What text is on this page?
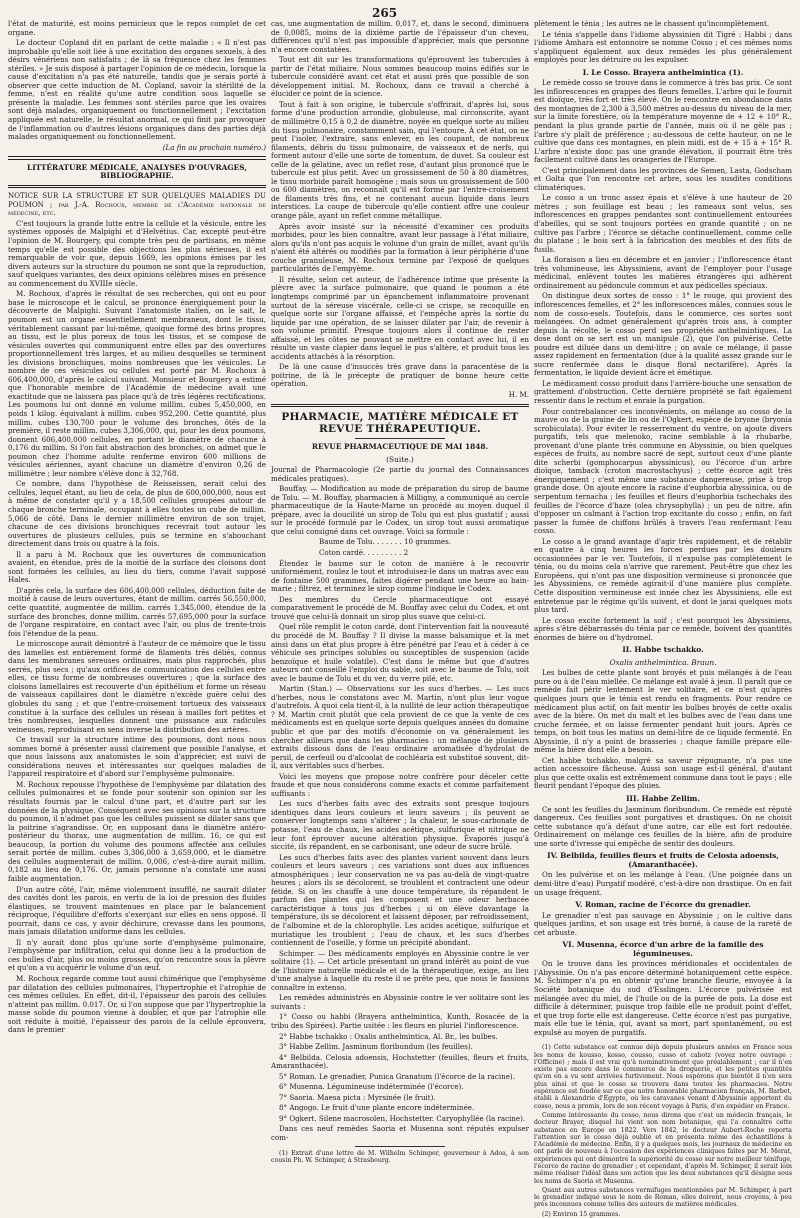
265

l'état de maturité, est moins pernicieux que le repos complet de cet organe.

Le docteur Copland dit en parlant de cette maladie : « Il n'est pas improbable qu'elle soit liée à une excitation des organes sexuels, à des désirs vénériens non satisfaits ; de là sa fréquence chez les femmes stériles. » Je suis disposé à partager l'opinion de ce médecin, lorsque la cause d'excitation n'a pas été naturelle, tandis que je serais porté à observer que cette induction de M. Copland, savoir la stérilité de la femme, n'est en réalité qu'une autre condition sous laquelle se présente la maladie. Les femmes sont stériles parce que les ovaires sont déjà malades, organiquement ou fonctionnellement ; l'excitation appliquée est naturelle, le résultat anormal, ce qui finit par provoquer de l'inflammation ou d'autres lésions organiques dans des parties déjà malades organiquement ou fonctionnellement.

(La fin au prochain numéro.)

LITTÉRATURE MÉDICALE, ANALYSES D'OUVRAGES, BIBLIOGRAPHIE.

NOTICE SUR LA STRUCTURE ET SUR QUELQUES MALADIES DU POUMON ; par J.-A. Rochoux, membre de l'Académie nationale de médecine, etc.

C'est toujours la grande lutte entre la cellule et la vésicule, entre les systèmes opposés de Malpighi et d'Helvétius. Car, excepté peut-être l'opinion de M. Bourgery, qui compte très peu de partisans, en même temps qu'elle est possible des objections les plus sérieuses, il est remarquable de voir que, depuis 1669, les opinions émises par les divers auteurs sur la structure du poumon ne sont que la reproduction, sauf quelques variantes, des deux opinions célèbres mises en présence au commencement du XVIIIe siècle.

M. Rochoux, d'après le résultat de ses recherches, qui ont eu pour base le microscope et le calcul, se prononce énergiquement pour la découverte de Malpighi. Suivant l'anatomiste italien, on le sait, le poumon est un organe essentiellement membraneux, dont le tissu, véritablement cassant par lui-même, quoique formé des brins propres au tissu, est le plus poreux de tous les tissus, et se compose de vésicules ouvertes qui communiquent entre elles par des ouvertures proportionnellement très larges, et au milieu desquelles se terminent les divisions bronchiques, moins nombreuses que les vésicules. Le nombre de ces vésicules ou cellules est porté par M. Rochoux à 606,400,000, d'après le calcul suivant. Monsieur et Bourgery a estimé que l'honorable membre de l'Académie de médecine avait une exactitude que ne laissera pas place qu'à de très légères rectifications. Les poumons lui ont donné en volume millim. cubes 5,450,000, en poids 1 kilog. équivalant à millim. cubes 952,200. Cette quantité, plus millim. cubes 130,700 pour le volume des bronches, ôtés de la première, il reste millim. cubes 3,306,000, qui, pour les deux poumons, donnent 606,400,000 cellules, en portant le diamètre de chacune à 0,176 du millim. Si l'on fait abstraction des bronches, on admet que le poumon chez l'homme adulte renferme environ 600 millions de vésicules aériennes, ayant chacune un diamètre d'environ 0,26 de millimètre ; leur nombre s'élève donc à 32,768.

Ce nombre, dans l'hypothèse de Reisseissen, serait celui des cellules, lequel étant, au lieu de cela, de plus de 600,000,000, nous est à même de constater qu'il y a 18,500 cellules groupées autour de chaque bronche terminale, occupant à elles toutes un cube de millim. 5,066 de côté. Dans le dernier millimètre environ de son trajet, chacune de ces divisions bronchiques recevrait tout autour les ouvertures de plusieurs cellules, puis se termine en s'abouchant directement dans trois ou quatre à la fois.

Il a paru à M. Rochoux que les ouvertures de communication avaient, en étendue, près de la moitié de la surface des cloisons dont sont formées les cellules, au lieu du tiers, comme l'avait supposé Hales.

D'après cela, la surface des 606,400,000 cellules, déduction faite de moitié à cause de leurs ouvertures, étant de millim. carrés 56,550,000, cette quantité, augmentée de millim. carrés 1,345,000, étendue de la surface des bronches, donne millim. carrés 57,695,000 pour la surface de l'organe respiratoire, en contact avec l'air, ou plus de trente-trois fois l'étendue de la peau.

Le microscope aurait démontré à l'auteur de ce mémoire que le tissu des lamelles est entièrement formé de filaments très déliés, connus dans les membranes séreuses ordinaires, mais plus rapprochés, plus serrés, plus secs ; qu'aux orifices de communication des cellules entre elles, ce tissu forme de nombreuses ouvertures ; que la surface des cloisons lamellaires est recouverte d'un épithélium et forme un réseau de vaisseaux capillaires dont le diamètre n'excède guère celui des globules du sang ; et que l'entre-croisement tortueux des vaisseaux constitue à la surface des cellules un réseau à mailles fort petites et très nombreuses, lesquelles donnent une puissance aux radicules veineuses, reproduisant en sens inverse la distribution des artères.

Ce travail sur la structure intime des poumons, dont nous nous sommes borné à présenter aussi clairement que possible l'analyse, et que nous laissons aux anatomistes le soin d'apprécier, est suivi de considérations neuves et intéressantes sur quelques maladies de l'appareil respiratoire et d'abord sur l'emphysème pulmonaire.

M. Rochoux repousse l'hypothèse de l'emphysème par dilatation des cellules pulmonaires et se fonde pour soutenir son opinion sur les résultats fournis par le calcul d'une part, et d'autre part sur les données de la physique. Conséquent avec ses opinions sur la structure du poumon, il n'admet pas que les cellules puissent se dilater sans que la poitrine s'agrandisse. Or, en supposant dans le diamètre antéro-postérieur du thorax, une augmentation de millim. 16, ce qui est beaucoup, la portion du volume des poumons affectée aux cellules serait portée de millim. cubes 3,306,000 à 3,659,000, et le diamètre des cellules augmenterait de millim. 0,006, c'est-à-dire aurait millim. 0,182 au lieu de 0,176. Or, jamais personne n'a constaté une aussi faible augmentation.

D'un autre côté, l'air, même violemment insufflé, ne saurait dilater des cavités dont les parois, en vertu de la loi de pression des fluides élastiques, se trouvent maintenues en place par le balancement réciproque, l'équilibre d'efforts s'exerçant sur elles en sens opposé. Il pourrait, dans ce cas, y avoir déchirure, crevasse dans les poumons, mais jamais dilatation uniforme dans les cellules.

Il n'y aurait donc plus qu'une sorte d'emphysème pulmonaire, l'emphysème par infiltration, celui qui donne lieu à la production de ces bulles d'air, plus ou moins grosses, qu'on rencontre sous la plèvre et qu'on a vu acquérir le volume d'un œuf.

M. Rochoux regarde comme tout aussi chimérique que l'emphysème par dilatation des cellules pulmonaires, l'hypertrophie et l'atrophie de ces mêmes cellules. En effet, dit-il, l'épaisseur des parois des cellules n'atteint pas millim. 0.017. Or, si l'on suppose que par l'hypertrophie la masse solide du poumon vienne à doubler, et que par l'atrophie elle soit réduite à moitié, l'épaisseur des parois de la cellule éprouvera, dans le premier

cas, une augmentation de millim. 0,017, et, dans le second, diminuera de 0,0085, moins de la dixième partie de l'épaisseur d'un cheveu, différences qu'il n'est pas impossible d'apprécier, mais que personne n'a encore constatées.

Tout est dit sur les transformations qu'éprouvent les tubercules à partir de l'état miliaire. Nous sommes beaucoup moins édifiés sur le tubercule considéré avant cet état et aussi près que possible de son développement initial. M. Rochoux, dans ce travail a cherché à élucider ce point de la science.

Tout à fait à son origine, le tubercule s'offrirait, d'après lui, sous forme d'une production arrondie, globuleuse, mal circonscrite, ayant de millimètre 0,15 à 0,2 de diamètre, noyée en quelque sorte au milieu du tissu pulmonaire, constamment sain, qui l'entoure. À cet état, on ne peut l'isoler, l'extraire, sans enlever, en les coupant, de nombreux filaments, débris du tissu pulmonaire, de vaisseaux et de nerfs, qui forment autour d'elle une sorte de tomentum, de duvet. Sa couleur est celle de la gélatine, avec un reflet rose, d'autant plus prononcé que le tubercule est plus petit. Avec un grossissement de 50 à 80 diamètres, le tissu morbide paraît homogène ; mais sous un grossissement de 500 ou 600 diamètres, on reconnaît qu'il est formé par l'entre-croisement de filaments très fins, et ne contenant aucun liquide dans leurs interstices. La coupe de tubercule qu'elle contient offre une couleur orange pâle, ayant un reflet comme métallique.

Après avoir insisté sur la nécessité d'examiner ces produits morbides, pour les bien connaître, avant leur passage à l'état miliaire, alors qu'ils n'ont pas acquis le volume d'un grain de millet, avant qu'ils n'aient été altérés ou modifiés par la formation à leur périphérie d'une couche granuleuse, M. Rochoux termine par l'exposé de quelques particularités de l'empyème.

Il résulte, selon cet auteur, de l'adhérence intime que présente la plèvre avec la surface pulmonaire, que quand le poumon a été longtemps comprimé par un épanchement inflammatoire provenant surtout de la séreuse viscérale, celle-ci se crispe, se recoquille en quelque sorte sur l'organe affaissé, et l'empêche après la sortie du liquide par une opération, de se laisser dilater par l'air, de revenir à son volume primitif. Presque toujours alors il continue de rester affaissé, et les côtes ne pouvant se mettre en contact avec lui, il en résulte un vaste clapier dans lequel le pus s'altère, et produit tous les accidents attachés à la résorption.

De là une cause d'insuccès très grave dans la paracentèse de la poitrine, de là le précepte de pratiquer de bonne heure cette opération.

H. M.

PHARMACIE, MATIÈRE MÉDICALE ET REVUE THÉRAPEUTIQUE.

REVUE PHARMACEUTIQUE DE MAI 1848.

(Suite.)

Journal de Pharmacologie (2e partie du journal des Connaissances médicales pratiques).

Bouffay. — Modification au mode de préparation du sirop de baume de Tolu. — M. Bouffay, pharmacien à Milligny, a communiqué au cercle pharmaceutique de la Haute-Marne un procédé au moyen duquel il prépare, avec la doucilité un sirop de Tolu qui est plus gustatif ; aussi sur le procédé formulé par le Codex, un sirop tout aussi aromatique que celui consigné dans cet ouvrage. Voici sa formule :

Baume de Tolu. . . . . . . 10 grammes.

Coton cardé. . . . . . . . . 2

Étendez le baume sur le coton de manière à le recouvrir uniformément, roulez le tout et introduisez-le dans un matras avec eau de fontaine 500 grammes, faites digérer pendant une heure au bain-marie ; filtrez, et terminez le sirop comme l'indique le Codex.

Des membres du Cercle pharmaceutique ont essayé comparativement le procédé de M. Bouffay avec celui du Codex, et ont trouvé que celui-là donnait un sirop plus suave que celui-ci.

Quel rôle remplit le coton cardé, dont l'intervention fait la nouveauté du procédé de M. Bouffay ? Il divise la masse balsamique et la met ainsi dans un état plus propre à être pénétré par l'eau et à céder à ce véhicule ses principes solubles ou susceptibles de suspension (acide benzoïque et huile volatile). C'est dans le même but que d'autres auteurs ont conseillé l'emploi du sable, soit avec le baume de Tolu, soit avec le baume de Tolu et du ver, du verre pilé, etc.

Martin (Stan.) — Observations sur les sucs d'herbes. — Les sucs d'herbes, nous le constatons avec M. Martin, n'ont plus leur vogue d'autrefois. À quoi cela tient-il, à la nullité de leur action thérapeutique ? M. Martin croit plutôt que cela provient de ce que la vente de ces médicaments est en quelque sorte depuis quelques années du domaine public et que par des motifs d'économie on va généralement les chercher ailleurs que dans les pharmacies : un mélange de plusieurs extraits dissous dans de l'eau ordinaire aromatisée d'hydrolat de persil, de cerfeuil ou d'alcoolat de cochléaria est substitué souvent, dit-il, aux véritables sucs d'herbes.

Voici les moyens que propose notre confrère pour déceler cette fraude et que nous considérons comme exacts et comme parfaitement suffisants :

Les sucs d'herbes faits avec des extraits sont presque toujours identiques dans leurs couleurs et leurs saveurs ; ils peuvent se conserver longtemps sans s'altérer ; la chaleur, le sous-carbonate de potasse, l'eau de chaux, les acides acétique, sulfurique et nitrique ne leur font éprouver aucune altération physique. Évaporés jusqu'à siccité, ils répandent, en se carbonisant, une odeur de sucre brûlé.

Les sucs d'herbes faits avec des plantes varient souvent dans leurs couleurs et leurs saveurs ; ces variations sont dues aux influences atmosphériques ; leur conservation ne va pas au-delà de vingt-quatre heures ; alors ils se décolorent, se troublent et contractent une odeur fétide. Si on les chauffe à une douce température, ils répandent le parfum des plantes qui les composent et une odeur herbacée caractéristique à tous jus d'herbes ; si on élève davantage la température, ils se décolorent et laissent déposer, par refroidissement, de l'albumine et de la chlorophylle. Les acides acétique, sulfurique et muriatique les troublent ; l'eau de chaux, et les sucs d'herbes contiennent de l'oseille, y forme un précipité abondant.

Schimper. — Des médicaments employés en Abyssinie contre le ver solitaire (1). — Cet article présentant un grand intérêt au point de vue de l'histoire naturelle médicale et de la thérapeutique, exige, au lieu d'une analyse à laquelle du reste il se prête peu, que nous le fassions connaître in extenso.

Les remèdes administrés en Abyssinie contre le ver solitaire sont les suivants :

1° Cosso ou habbi (Brayera anthelmintica, Kunth, Rosacée de la tribu des Spirées). Partie usitée : les fleurs en pluriel l'inflorescence.

2° Habbe tschakko : Oxalis anthelmintica, Al. Br., les bulbes.

3° Habbe Zellim. Jasminum floribundum (les feuilles).

4° Belbilda. Celosia adoensis, Hochstetter (feuilles, fleurs et fruits, Amaranthacée).

5° Roman. Le grenadier, Punica Granatum (l'écorce de la racine).

6° Musenna. Légumineuse indéterminée (l'écorce).

7° Saoria. Maesa picta : Myrsinée (le fruit).

8° Angogo. Le fruit d'une plante encore indéterminée.

9° Ogkert. Silene macrosolen, Hochstetter. Caryophyllée (la racine).

Dans ces neuf remèdes Saoria et Musenna sont réputés expulser com-

(1) Extrait d'une lettre de M. Wilhelm Schimper, gouverneur à Adoa, à son cousin Ph. W. Schimper, à Strasbourg.

plètement le ténia ; les autres ne le chassent qu'incomplètement.

Le ténia s'appelle dans l'idiome abyssinien dit Tigré : Habbi ; dans l'idiome Amhara est entonnoire se nomme Cosso ; et ces mêmes noms s'appliquent également aux deux remèdes les plus généralement employés pour les détruire ou les expulser.

I. Le Cosso. Brayera anthelmintica (1).

Le remède cosso se trouve dans le commerce à très bas prix. Ce sont les inflorescences en grappes des fleurs femelles. L'arbre qui le fournit est dioïque, très fort et très élevé. On le rencontre en abondance dans des montagnes de 2,300 à 3,500 mètres au-dessus du niveau de la mer, sur la limite forestière, où la température moyenne de + 12 + 10° R., pendant la plus grande partie de l'année, mais où il ne gèle pas ; l'arbre s'y plaît de préférence ; au-dessous de cette hauteur, on ne le cultive que dans ces montagnes, en plein midi, est de + 15 à + 15° R. L'arbre n'existe donc pas une grande élévation, il pourrait être très facilement cultivé dans les orangeries de l'Europe.

C'est principalement dans les provinces de Semen, Lasta, Godscham et Golta que l'on rencontre cet arbre, sous les susdites conditions climatériques.

Le cosso a un tronc assez épais et s'élève à une hauteur de 20 mètres ; son feuillage est beau ; les rameaux sont velus, ses inflorescences en grappes pendantes sont continuellement entourées d'abeilles, qui se sont toujours portées en grande quantité ; on ne cultive pas l'arbre ; l'écorce se détache continuellement, comme celle du platane ; le bois sert à la fabrication des meubles et des fûts de fusils.

La floraison a lieu en décembre et en janvier ; l'inflorescence étant très volumineuse, les Abyssiniens, avant de l'employer pour l'usage médicinal, enlèvent toutes les matières étrangères qui adhèrent ordinairement au pédoncule commun et aux pédicelles spéciaux.

On distingue deux sortes de cosso : 1° le rouge, qui provient des inflorescences femelles, et 2° les inflorescences mâles, connues sous le nom de cosso-esels. Toutefois, dans le commerce, ces sortes sont mélangées. On admet généralement qu'après trois ans, à compter depuis la récolte, le cosso perd ses propriétés anthelmintiques. La dose dont on se sert est un manipule (2), que l'on pulvérise. Cette poudre est diluée dans un demi-litre ; on avale ce mélange, il passe assez rapidement en fermentation (due à la qualité assez grande sur le sucre renfermée dans le disque floral nectarifère). Après la fermentation, le liquide devient âcre et émétique.

Le médicament cosso produit dans l'arrière-bouche une sensation de grattement d'obstruction. Cette dernière propriété se fait également ressentir dans le rectum et enraie la purgation.

Pour contrebalancer ces inconvénients, on mélange au cosso de la mauve ou de la graine de lin ou de l'Ogkert, espèce de bryone (bryonia scrobiculata). Pour éviter le resserrement du ventre, on ajoute divers purgatifs, tels que melenoko, racine semblable à la rhubarbe, provenant d'une plante très commune en Abyssinie, ou bien quelques espèces de fruits, au nombre sacré de sept, surtout ceux d'une plante dite scherbi (gomphocarpus abyssinicus), ou l'écorce d'un arbre dioïque, tamback (croton macrostachyus) ; cette écorce agit très énergiquement ; c'est même une substance dangereuse, prise à trop grande dose. On ajoute encore la racine d'euphorbia abyssinica, ou de serpentum ternacha ; les feuilles et fleurs d'euphorbia tschechaks des feuilles de l'écorce d'haze (olea chrysophylla) ; un peu de nitre, afin d'opposer un calmant à l'action trop excitante du cosso ; enfin, on fait passer la fumée de chiffons brûlés à travers l'eau renfermant l'eau cosso.

Le cosso a le grand avantage d'agir très rapidement, et de rétablir en quatre à cinq heures les forces perdues par les douleurs occasionnées par le ver. Toutefois, il n'expulse pas complètement le ténia, ou du moins cela n'arrive que rarement. Peut-être que chez les Européens, qui n'ont pas une disposition vermineuse si prononcée que les Abyssiniens, ce remède agirait-il d'une manière plus complète. Cette disposition vermineuse est innée chez les Abyssiniens, elle est entretenue par le régime qu'ils suivent, et dont le jarai quelques mots plus tard.

Le cosso excite fortement la soif ; c'est pourquoi les Abyssiniens, après s'être débarrassés du ténia par ce remède, boivent des quantités énormes de bière ou d'hydromel.

II. Habbe tschakko.

Oxalis anthelmintica. Braun.

Les bulbes de cette plante sont broyés et puis mélangés à de l'eau pure ou à de l'eau miellée. Ce mélange est avalé à jeun. Il paraît que ce remède fait périr lentement le ver solitaire, et ce n'est qu'après quelques jours que le ténia est rendu en fragments. Pour rendre ce médicament plus actif, on fait mentir les bulbes broyés de cette oxalis avec de la bière. On met du malt et les bulbes avec de l'eau dans une cruche fermée, et on laisse fermenter pendant huit jours. Après ce temps, on boit tous les matins un demi-litre de ce liquide fermenté. En Abyssinie, il n'y a point de brasseries ; chaque famille prépare elle-même la bière dont elle a besoin.

Cet habbe tschakko, malgré sa saveur répugnante, n'a pas une action accessoire fâcheuse. Aussi son usage est-il général, d'autant plus que cette oxalis est extrêmement commune dans tout le pays ; elle fleurit pendant l'époque des pluies.

III. Habbe Zellim.

Ce sont les feuilles du Jasminum floribundum. Ce remède est réputé dangereux. Ces feuilles sont purgatives et drastiques. On ne choisit cette substance qu'à défaut d'une autre, car elle est fort redoutée. Ordinairement on mélange ces feuilles de la bière, afin de produire une sorte d'ivresse qui empêche de sentir des douleurs.

IV. Belbilda, feuilles fleurs et fruits de Celosia adoensis, (Amaranthacée).

On les pulvérise et on les mélange à l'eau. (Une poignée dans un demi-litre d'eau) Purgatif modéré, c'est-à-dire non drastique. On en fait un usage fréquent.

V. Roman, racine de l'écorce du grenadier.

Le grenadier n'est pas sauvage en Abyssinie ; on le cultive dans quelques jardins, et son usage est très borné, à cause de la rareté de cet arbuste.

VI. Musenna, écorce d'un arbre de la famille des légumineuses.

On le trouve dans les provinces méridionales et occidentales de l'Abyssinie. On n'a pas encore déterminé botaniquement cette espèce. M. Schimper n'a pu en obtenir qu'une branche fleurie, envoyée à la Société botanique du sud d'Esslingen. L'écorce pulvérisée est mélangée avec du miel, de l'huile ou de la purée de pois. La dose est difficile à déterminer, puisque trop faible elle ne produit point d'effet, et que trop forte elle est dangereuse. Cette écorce n'est pas purgative, mais elle tue le ténia, qui, avant sa mort, part spontanément, ou est expulsé au moyen de purgatifs.

(1) Cette substance est connue déjà depuis plusieurs années en France sous les noms de kousso, kosso, cousso, cusso et cabotz (voyez notre ouvrage : l'Officine) ; mais il est vrai qu'à nominativement que préalablement ; car il n'en existe pas encore dans le commerce de la droguerie, et les petites quantités qu'on en a vu sont arrivées furtivement. Nous espérons que bientôt il n'en sera plus ainsi et que le cosso se trouvera dans toutes les pharmacies. Notre espérance est fondée sur ce que notre honorable pharmacien français, M. Barbet, établi à Alexandrie d'Égypte, où les caravanes venant d'Abyssinie apportent du cosso, nous a promis, lors de son récent voyage à Paris, d'en expédier en France.

Comme intéressante du cosso, nous dirons que c'est un médecin français, le docteur Brayer, disquel lui vient son nom botanique, qui l'a connaître cette substance en Europe en 1822. Vers 1842, le docteur Aubert-Roche reporta l'attention sur le cosso déjà oublié et en présenta même des échantillons à l'Académie de médecine. Enfin, il y a quelques mois, les journaux de médecine en ont parlé de nouveau à l'occasion des expériences cliniques faites par M. Merat, expériences qui ont démontré la supériorité du cosso sur notre meilleur ténifuge, l'écorce de racine de grenadier ; et cependant, d'après M. Schimper, il serait loin même réaliser l'idéal dans son action que les deux substances qu'il désigne sous les noms de Saoria et Musenna.

Quant aux autres substances vermifuges mentionnées par M. Schimper, à part le grenadier indiqué sous le nom de Roman, elles doivent, nous croyons, à peu près inconnues comme telles des auteurs de matières médicales.

(2) Environ 15 grammes.
